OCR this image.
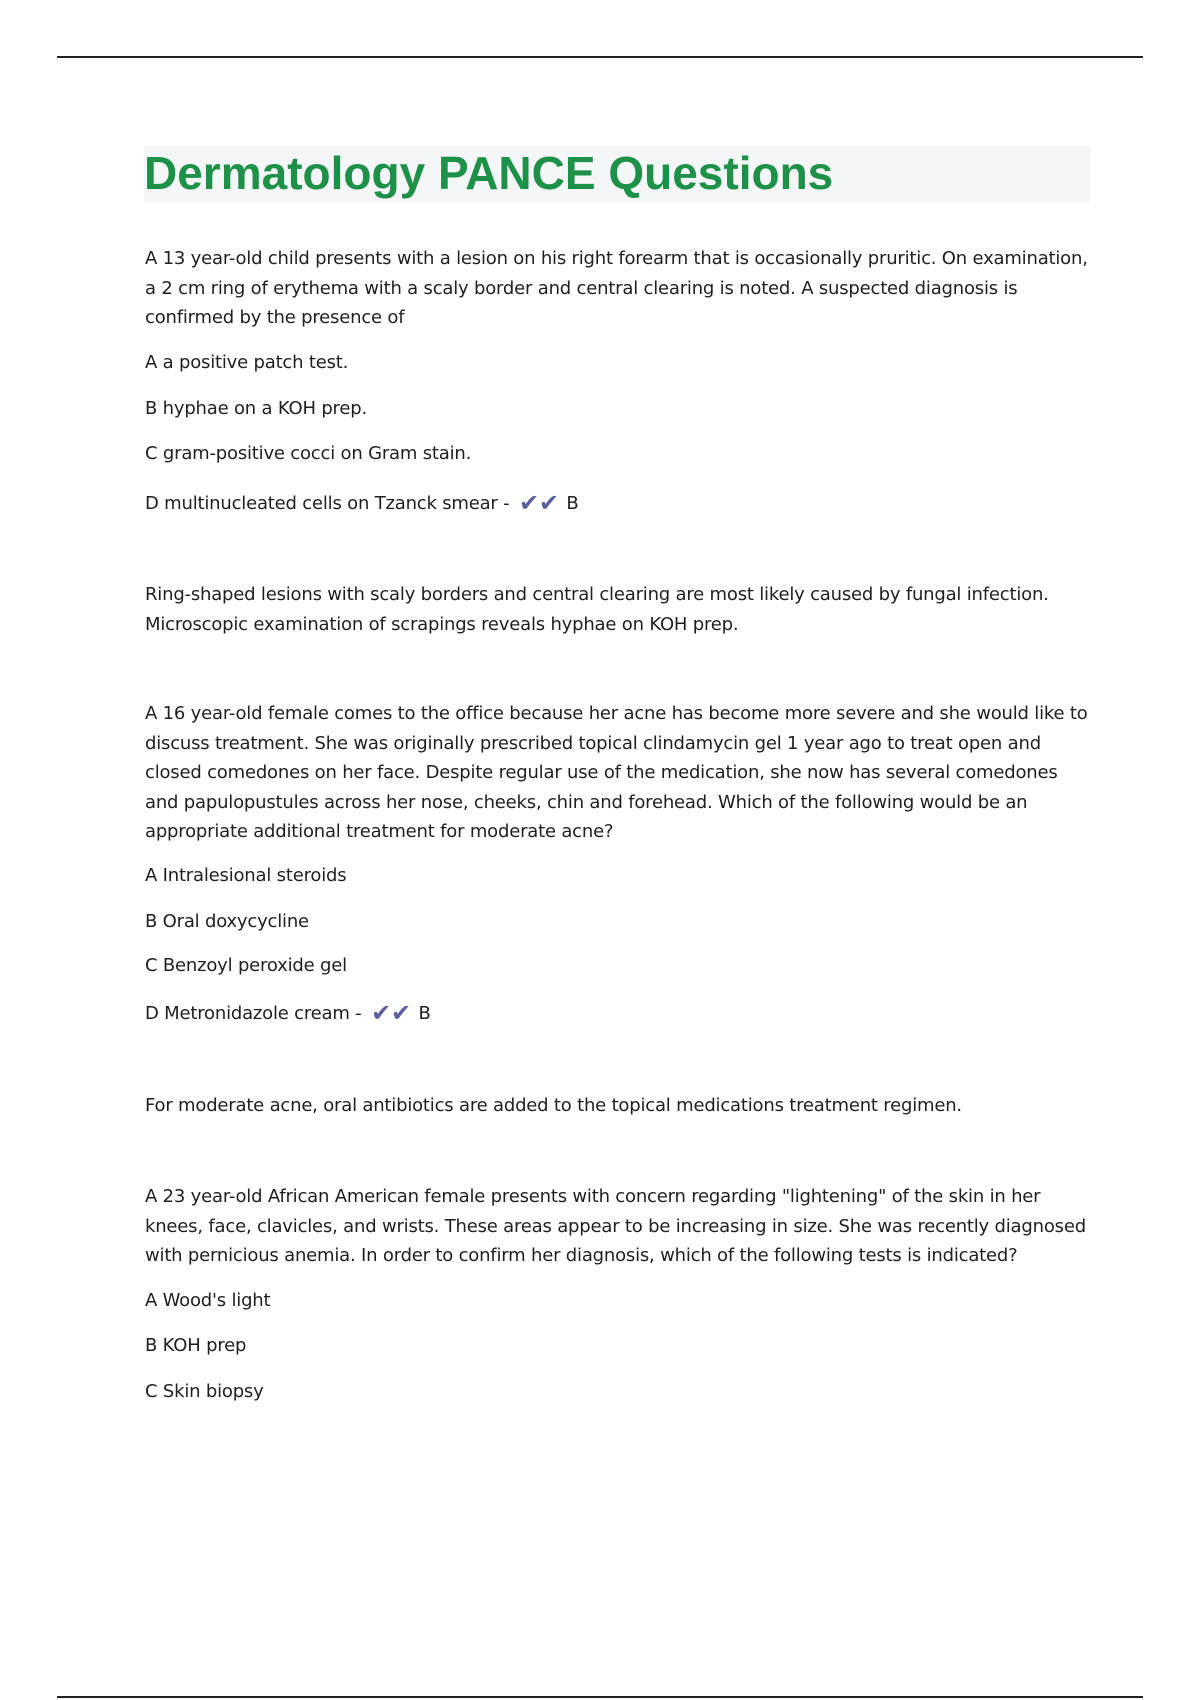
Dermatology PANCE Questions

A 13 year-old child presents with a lesion on his right forearm that is occasionally pruritic. On examination, a 2 cm ring of erythema with a scaly border and central clearing is noted. A suspected diagnosis is confirmed by the presence of

A a positive patch test.

B hyphae on a KOH prep.

C gram-positive cocci on Gram stain.

D multinucleated cells on Tzanck smear - ✔✔ B

Ring-shaped lesions with scaly borders and central clearing are most likely caused by fungal infection. Microscopic examination of scrapings reveals hyphae on KOH prep.

A 16 year-old female comes to the office because her acne has become more severe and she would like to discuss treatment. She was originally prescribed topical clindamycin gel 1 year ago to treat open and closed comedones on her face. Despite regular use of the medication, she now has several comedones and papulopustules across her nose, cheeks, chin and forehead. Which of the following would be an appropriate additional treatment for moderate acne?

A Intralesional steroids

B Oral doxycycline

C Benzoyl peroxide gel

D Metronidazole cream - ✔✔ B

For moderate acne, oral antibiotics are added to the topical medications treatment regimen.

A 23 year-old African American female presents with concern regarding "lightening" of the skin in her knees, face, clavicles, and wrists. These areas appear to be increasing in size. She was recently diagnosed with pernicious anemia. In order to confirm her diagnosis, which of the following tests is indicated?

A Wood's light

B KOH prep

C Skin biopsy
